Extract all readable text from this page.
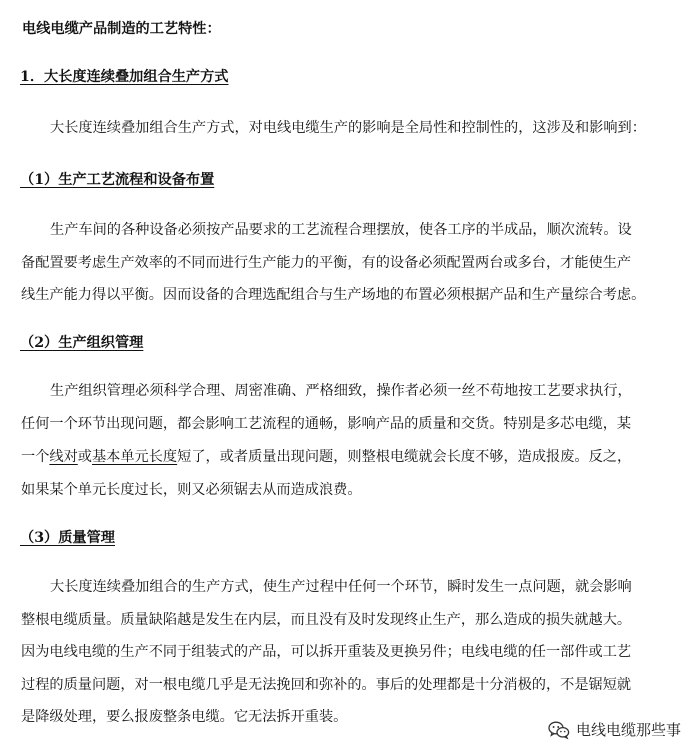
电线电缆产品制造的工艺特性：
1．大长度连续叠加组合生产方式
大长度连续叠加组合生产方式，对电线电缆生产的影响是全局性和控制性的，这涉及和影响到：
（1）生产工艺流程和设备布置
生产车间的各种设备必须按产品要求的工艺流程合理摆放，使各工序的半成品，顺次流转。设
备配置要考虑生产效率的不同而进行生产能力的平衡，有的设备必须配置两台或多台，才能使生产
线生产能力得以平衡。因而设备的合理选配组合与生产场地的布置必须根据产品和生产量综合考虑。
（2）生产组织管理
生产组织管理必须科学合理、周密准确、严格细致，操作者必须一丝不苟地按工艺要求执行，
任何一个环节出现问题，都会影响工艺流程的通畅，影响产品的质量和交货。特别是多芯电缆，某
一个线对或基本单元长度短了，或者质量出现问题，则整根电缆就会长度不够，造成报废。反之，
如果某个单元长度过长，则又必须锯去从而造成浪费。
（3）质量管理
大长度连续叠加组合的生产方式，使生产过程中任何一个环节，瞬时发生一点问题，就会影响
整根电缆质量。质量缺陷越是发生在内层，而且没有及时发现终止生产，那么造成的损失就越大。
因为电线电缆的生产不同于组装式的产品，可以拆开重装及更换另件；电线电缆的任一部件或工艺
过程的质量问题，对一根电缆几乎是无法挽回和弥补的。事后的处理都是十分消极的，不是锯短就
是降级处理，要么报废整条电缆。它无法拆开重装。
电线电缆那些事
